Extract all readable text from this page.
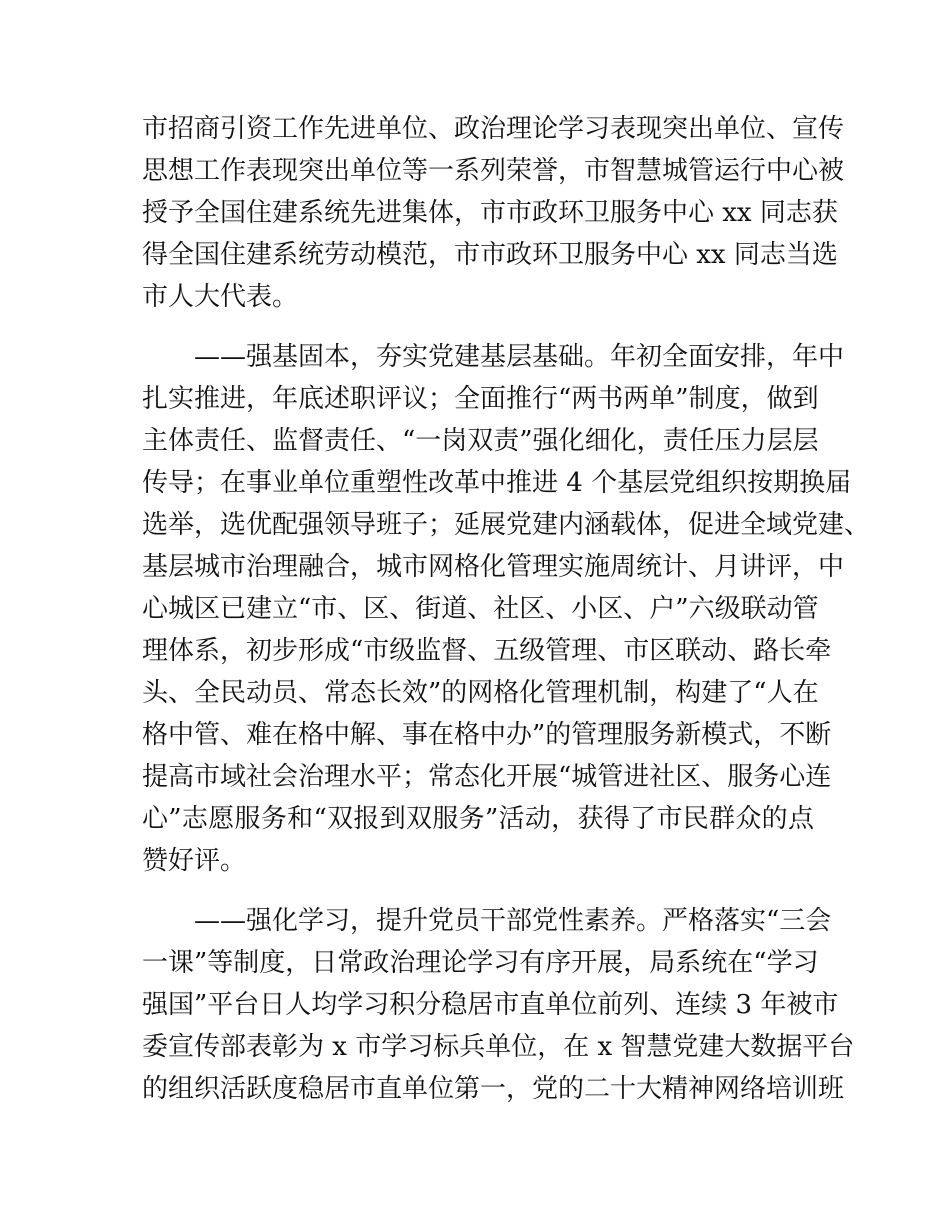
市招商引资工作先进单位、政治理论学习表现突出单位、宣传
思想工作表现突出单位等一系列荣誉，市智慧城管运行中心被
授予全国住建系统先进集体，市市政环卫服务中心 xx 同志获
得全国住建系统劳动模范，市市政环卫服务中心 xx 同志当选
市人大代表。
　　——强基固本，夯实党建基层基础。年初全面安排，年中
扎实推进，年底述职评议；全面推行“两书两单”制度，做到
主体责任、监督责任、“一岗双责”强化细化，责任压力层层
传导；在事业单位重塑性改革中推进 4 个基层党组织按期换届
选举，选优配强领导班子；延展党建内涵载体，促进全域党建、
基层城市治理融合，城市网格化管理实施周统计、月讲评，中
心城区已建立“市、区、街道、社区、小区、户”六级联动管
理体系，初步形成“市级监督、五级管理、市区联动、路长牵
头、全民动员、常态长效”的网格化管理机制，构建了“人在
格中管、难在格中解、事在格中办”的管理服务新模式，不断
提高市域社会治理水平；常态化开展“城管进社区、服务心连
心”志愿服务和“双报到双服务”活动，获得了市民群众的点
赞好评。
　　——强化学习，提升党员干部党性素养。严格落实“三会
一课”等制度，日常政治理论学习有序开展，局系统在“学习
强国”平台日人均学习积分稳居市直单位前列、连续 3 年被市
委宣传部表彰为 x 市学习标兵单位，在 x 智慧党建大数据平台
的组织活跃度稳居市直单位第一，党的二十大精神网络培训班
